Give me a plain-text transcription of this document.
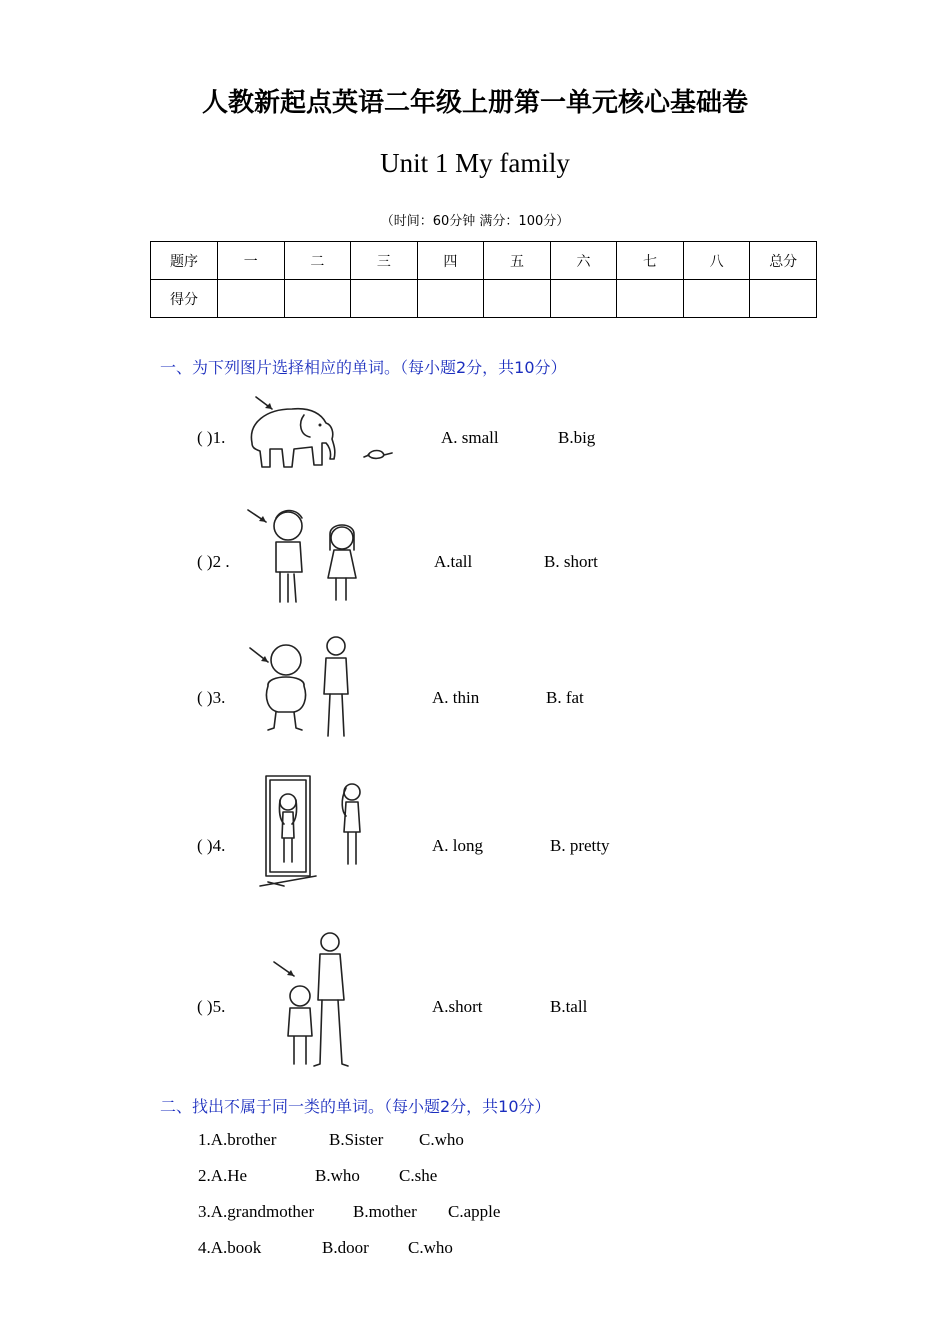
人教新起点英语二年级上册第一单元核心基础卷
Unit 1 My family
（时间：60分钟 满分：100分）
题序	一	二	三	四	五	六	七	八	总分
得分									
一、为下列图片选择相应的单词。（每小题2分，共10分）
( )1.	A. small	B.big
( )2 .	A.tall	B. short
( )3.	A. thin	B. fat
( )4.	A. long	B. pretty
( )5.	A.short	B.tall
二、找出不属于同一类的单词。（每小题2分，共10分）
1.A.brother	B.Sister C.who
2.A.He	B.who C.she
3.A.grandmother B.mother C.apple
4.A.book	B.door C.who
